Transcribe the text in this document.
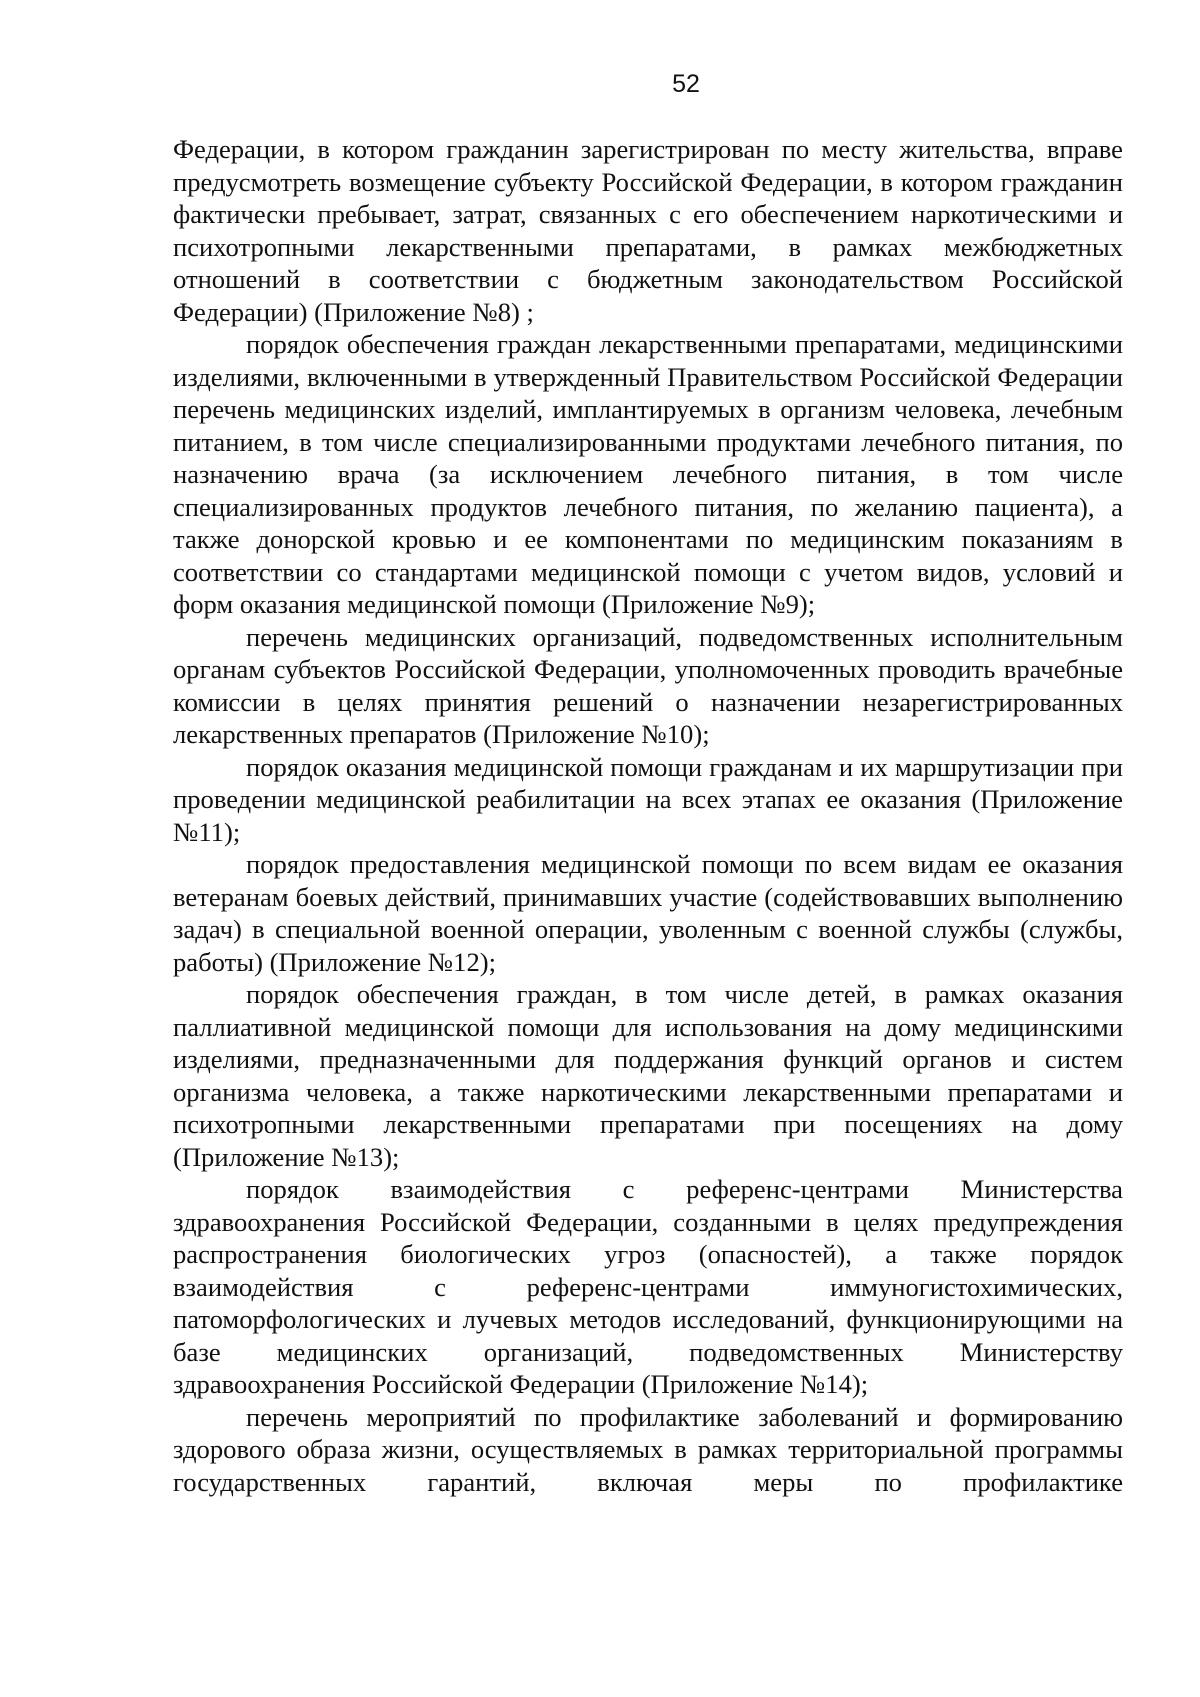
52

Федерации, в котором гражданин зарегистрирован по месту жительства, вправе предусмотреть возмещение субъекту Российской Федерации, в котором гражданин фактически пребывает, затрат, связанных с его обеспечением наркотическими и психотропными лекарственными препаратами, в рамках межбюджетных отношений в соответствии с бюджетным законодательством Российской Федерации) (Приложение №8) ;

порядок обеспечения граждан лекарственными препаратами, медицинскими изделиями, включенными в утвержденный Правительством Российской Федерации перечень медицинских изделий, имплантируемых в организм человека, лечебным питанием, в том числе специализированными продуктами лечебного питания, по назначению врача (за исключением лечебного питания, в том числе специализированных продуктов лечебного питания, по желанию пациента), а также донорской кровью и ее компонентами по медицинским показаниям в соответствии со стандартами медицинской помощи с учетом видов, условий и форм оказания медицинской помощи (Приложение №9);

перечень медицинских организаций, подведомственных исполнительным органам субъектов Российской Федерации, уполномоченных проводить врачебные комиссии в целях принятия решений о назначении незарегистрированных лекарственных препаратов (Приложение №10);

порядок оказания медицинской помощи гражданам и их маршрутизации при проведении медицинской реабилитации на всех этапах ее оказания (Приложение №11);

порядок предоставления медицинской помощи по всем видам ее оказания ветеранам боевых действий, принимавших участие (содействовавших выполнению задач) в специальной военной операции, уволенным с военной службы (службы, работы) (Приложение №12);

порядок обеспечения граждан, в том числе детей, в рамках оказания паллиативной медицинской помощи для использования на дому медицинскими изделиями, предназначенными для поддержания функций органов и систем организма человека, а также наркотическими лекарственными препаратами и психотропными лекарственными препаратами при посещениях на дому (Приложение №13);

порядок взаимодействия с референс-центрами Министерства здравоохранения Российской Федерации, созданными в целях предупреждения распространения биологических угроз (опасностей), а также порядок взаимодействия с референс-центрами иммуногистохимических, патоморфологических и лучевых методов исследований, функционирующими на базе медицинских организаций, подведомственных Министерству здравоохранения Российской Федерации (Приложение №14);

перечень мероприятий по профилактике заболеваний и формированию здорового образа жизни, осуществляемых в рамках территориальной программы государственных гарантий, включая меры по профилактике
